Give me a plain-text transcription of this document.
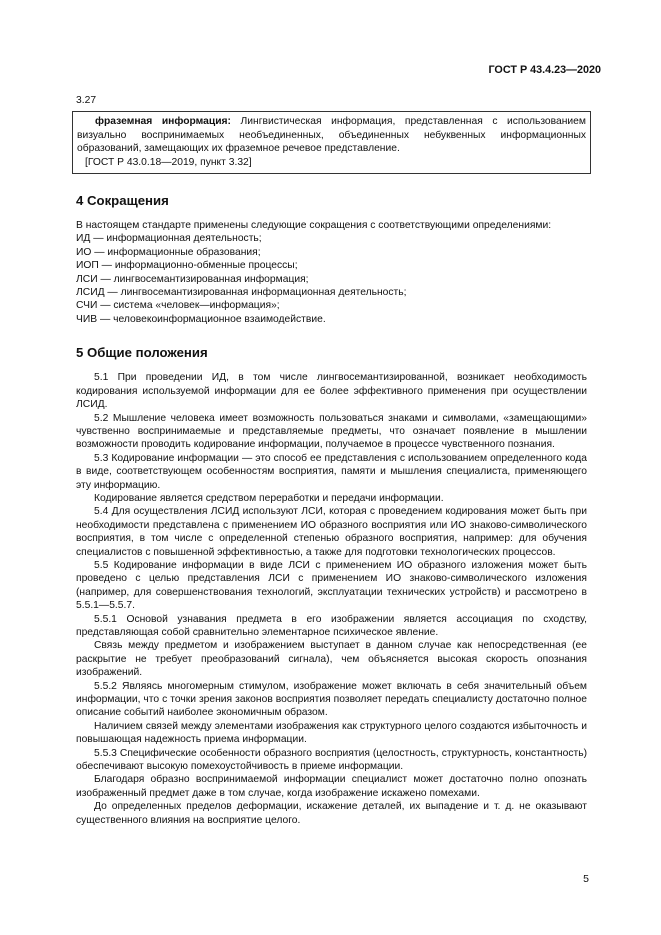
ГОСТ Р 43.4.23—2020
3.27

фраземная информация: Лингвистическая информация, представленная с использованием визуально воспринимаемых необъединенных, объединенных небуквенных информационных образований, замещающих их фраземное речевое представление.

[ГОСТ Р 43.0.18—2019, пункт 3.32]

4 Сокращения

В настоящем стандарте применены следующие сокращения с соответствующими определениями:

ИД — информационная деятельность;

ИО — информационные образования;

ИОП — информационно-обменные процессы;

ЛСИ — лингвосемантизированная информация;

ЛСИД — лингвосемантизированная информационная деятельность;

СЧИ — система «человек—информация»;

ЧИВ — человекоинформационное взаимодействие.

5 Общие положения

5.1 При проведении ИД, в том числе лингвосемантизированной, возникает необходимость кодирования используемой информации для ее более эффективного применения при осуществлении ЛСИД.

5.2 Мышление человека имеет возможность пользоваться знаками и символами, «замещающими» чувственно воспринимаемые и представляемые предметы, что означает появление в мышлении возможности проводить кодирование информации, получаемое в процессе чувственного познания.

5.3 Кодирование информации — это способ ее представления с использованием определенного кода в виде, соответствующем особенностям восприятия, памяти и мышления специалиста, применяющего эту информацию.

Кодирование является средством переработки и передачи информации.

5.4 Для осуществления ЛСИД используют ЛСИ, которая с проведением кодирования может быть при необходимости представлена с применением ИО образного восприятия или ИО знаково-символического восприятия, в том числе с определенной степенью образного восприятия, например: для обучения специалистов с повышенной эффективностью, а также для подготовки технологических процессов.

5.5 Кодирование информации в виде ЛСИ с применением ИО образного изложения может быть проведено с целью представления ЛСИ с применением ИО знаково-символического изложения (например, для совершенствования технологий, эксплуатации технических устройств) и рассмотрено в 5.5.1—5.5.7.

5.5.1 Основой узнавания предмета в его изображении является ассоциация по сходству, представляющая собой сравнительно элементарное психическое явление.

Связь между предметом и изображением выступает в данном случае как непосредственная (ее раскрытие не требует преобразований сигнала), чем объясняется высокая скорость опознания изображений.

5.5.2 Являясь многомерным стимулом, изображение может включать в себя значительный объем информации, что с точки зрения законов восприятия позволяет передать специалисту достаточно полное описание событий наиболее экономичным образом.

Наличием связей между элементами изображения как структурного целого создаются избыточность и повышающая надежность приема информации.

5.5.3 Специфические особенности образного восприятия (целостность, структурность, константность) обеспечивают высокую помехоустойчивость в приеме информации.

Благодаря образно воспринимаемой информации специалист может достаточно полно опознать изображенный предмет даже в том случае, когда изображение искажено помехами.

До определенных пределов деформации, искажение деталей, их выпадение и т. д. не оказывают существенного влияния на восприятие целого.

5
